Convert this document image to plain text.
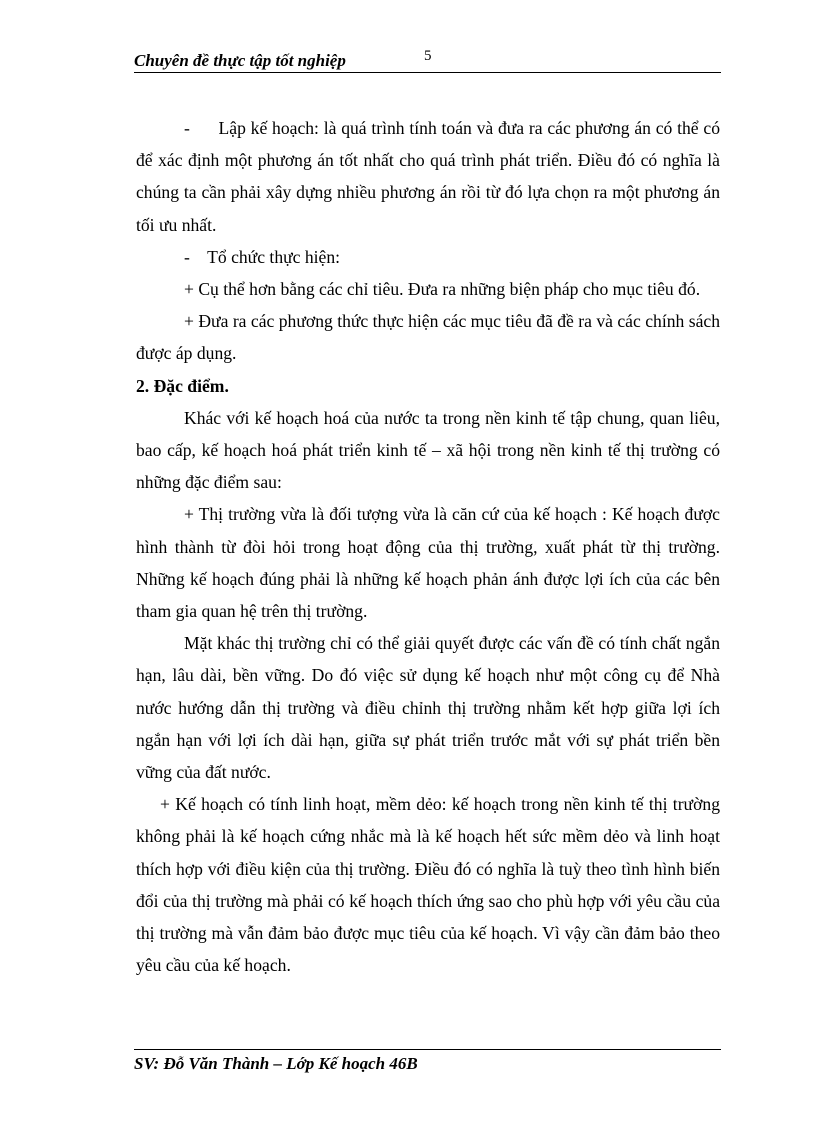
Chuyên đề thực tập tốt nghiệp	5

-      Lập kế hoạch: là quá trình tính toán và đưa ra các phương án có thể có để xác định một phương án tốt nhất cho quá trình phát triển. Điều đó có nghĩa là chúng ta cần phải xây dựng nhiều phương án rồi từ đó lựa chọn ra một phương án tối ưu nhất.

-    Tổ chức thực hiện:

+ Cụ thể hơn bằng các chỉ tiêu. Đưa ra những biện pháp cho mục tiêu đó.

+ Đưa ra các phương thức thực hiện các mục tiêu đã đề ra và các chính sách được áp dụng.

2. Đặc điểm.

Khác với kế hoạch hoá của nước ta trong nền kinh tế tập chung, quan liêu, bao cấp, kế hoạch hoá phát triển kinh tế – xã hội trong nền kinh tế thị trường có những đặc điểm sau:

+ Thị trường vừa là đối tượng vừa là căn cứ của kế hoạch : Kế hoạch được hình thành từ đòi hỏi trong hoạt động của thị trường, xuất phát từ thị trường. Những kế hoạch đúng phải là những kế hoạch phản ánh được lợi ích của các bên tham gia quan hệ trên thị trường.

Mặt khác thị trường chỉ có thể giải quyết được các vấn đề có tính chất ngắn hạn, lâu dài, bền vững. Do đó việc sử dụng kế hoạch như một công cụ để Nhà nước hướng dẫn thị trường và điều chỉnh thị trường nhằm kết hợp giữa lợi ích ngắn hạn với lợi ích dài hạn, giữa sự phát triển trước mắt với sự phát triển bền vững của đất nước.

+ Kế hoạch có tính linh hoạt, mềm dẻo: kế hoạch trong nền kinh tế thị trường không phải là kế hoạch cứng nhắc mà là kế hoạch hết sức mềm dẻo và linh hoạt thích hợp với điều kiện của thị trường. Điều đó có nghĩa là tuỳ theo tình hình biến đổi của thị trường mà phải có kế hoạch thích ứng sao cho phù hợp với yêu cầu của thị trường mà vẫn đảm bảo được mục tiêu của kế hoạch. Vì vậy cần đảm bảo theo yêu cầu của kế hoạch.

SV: Đỗ Văn Thành – Lớp Kế hoạch 46B
